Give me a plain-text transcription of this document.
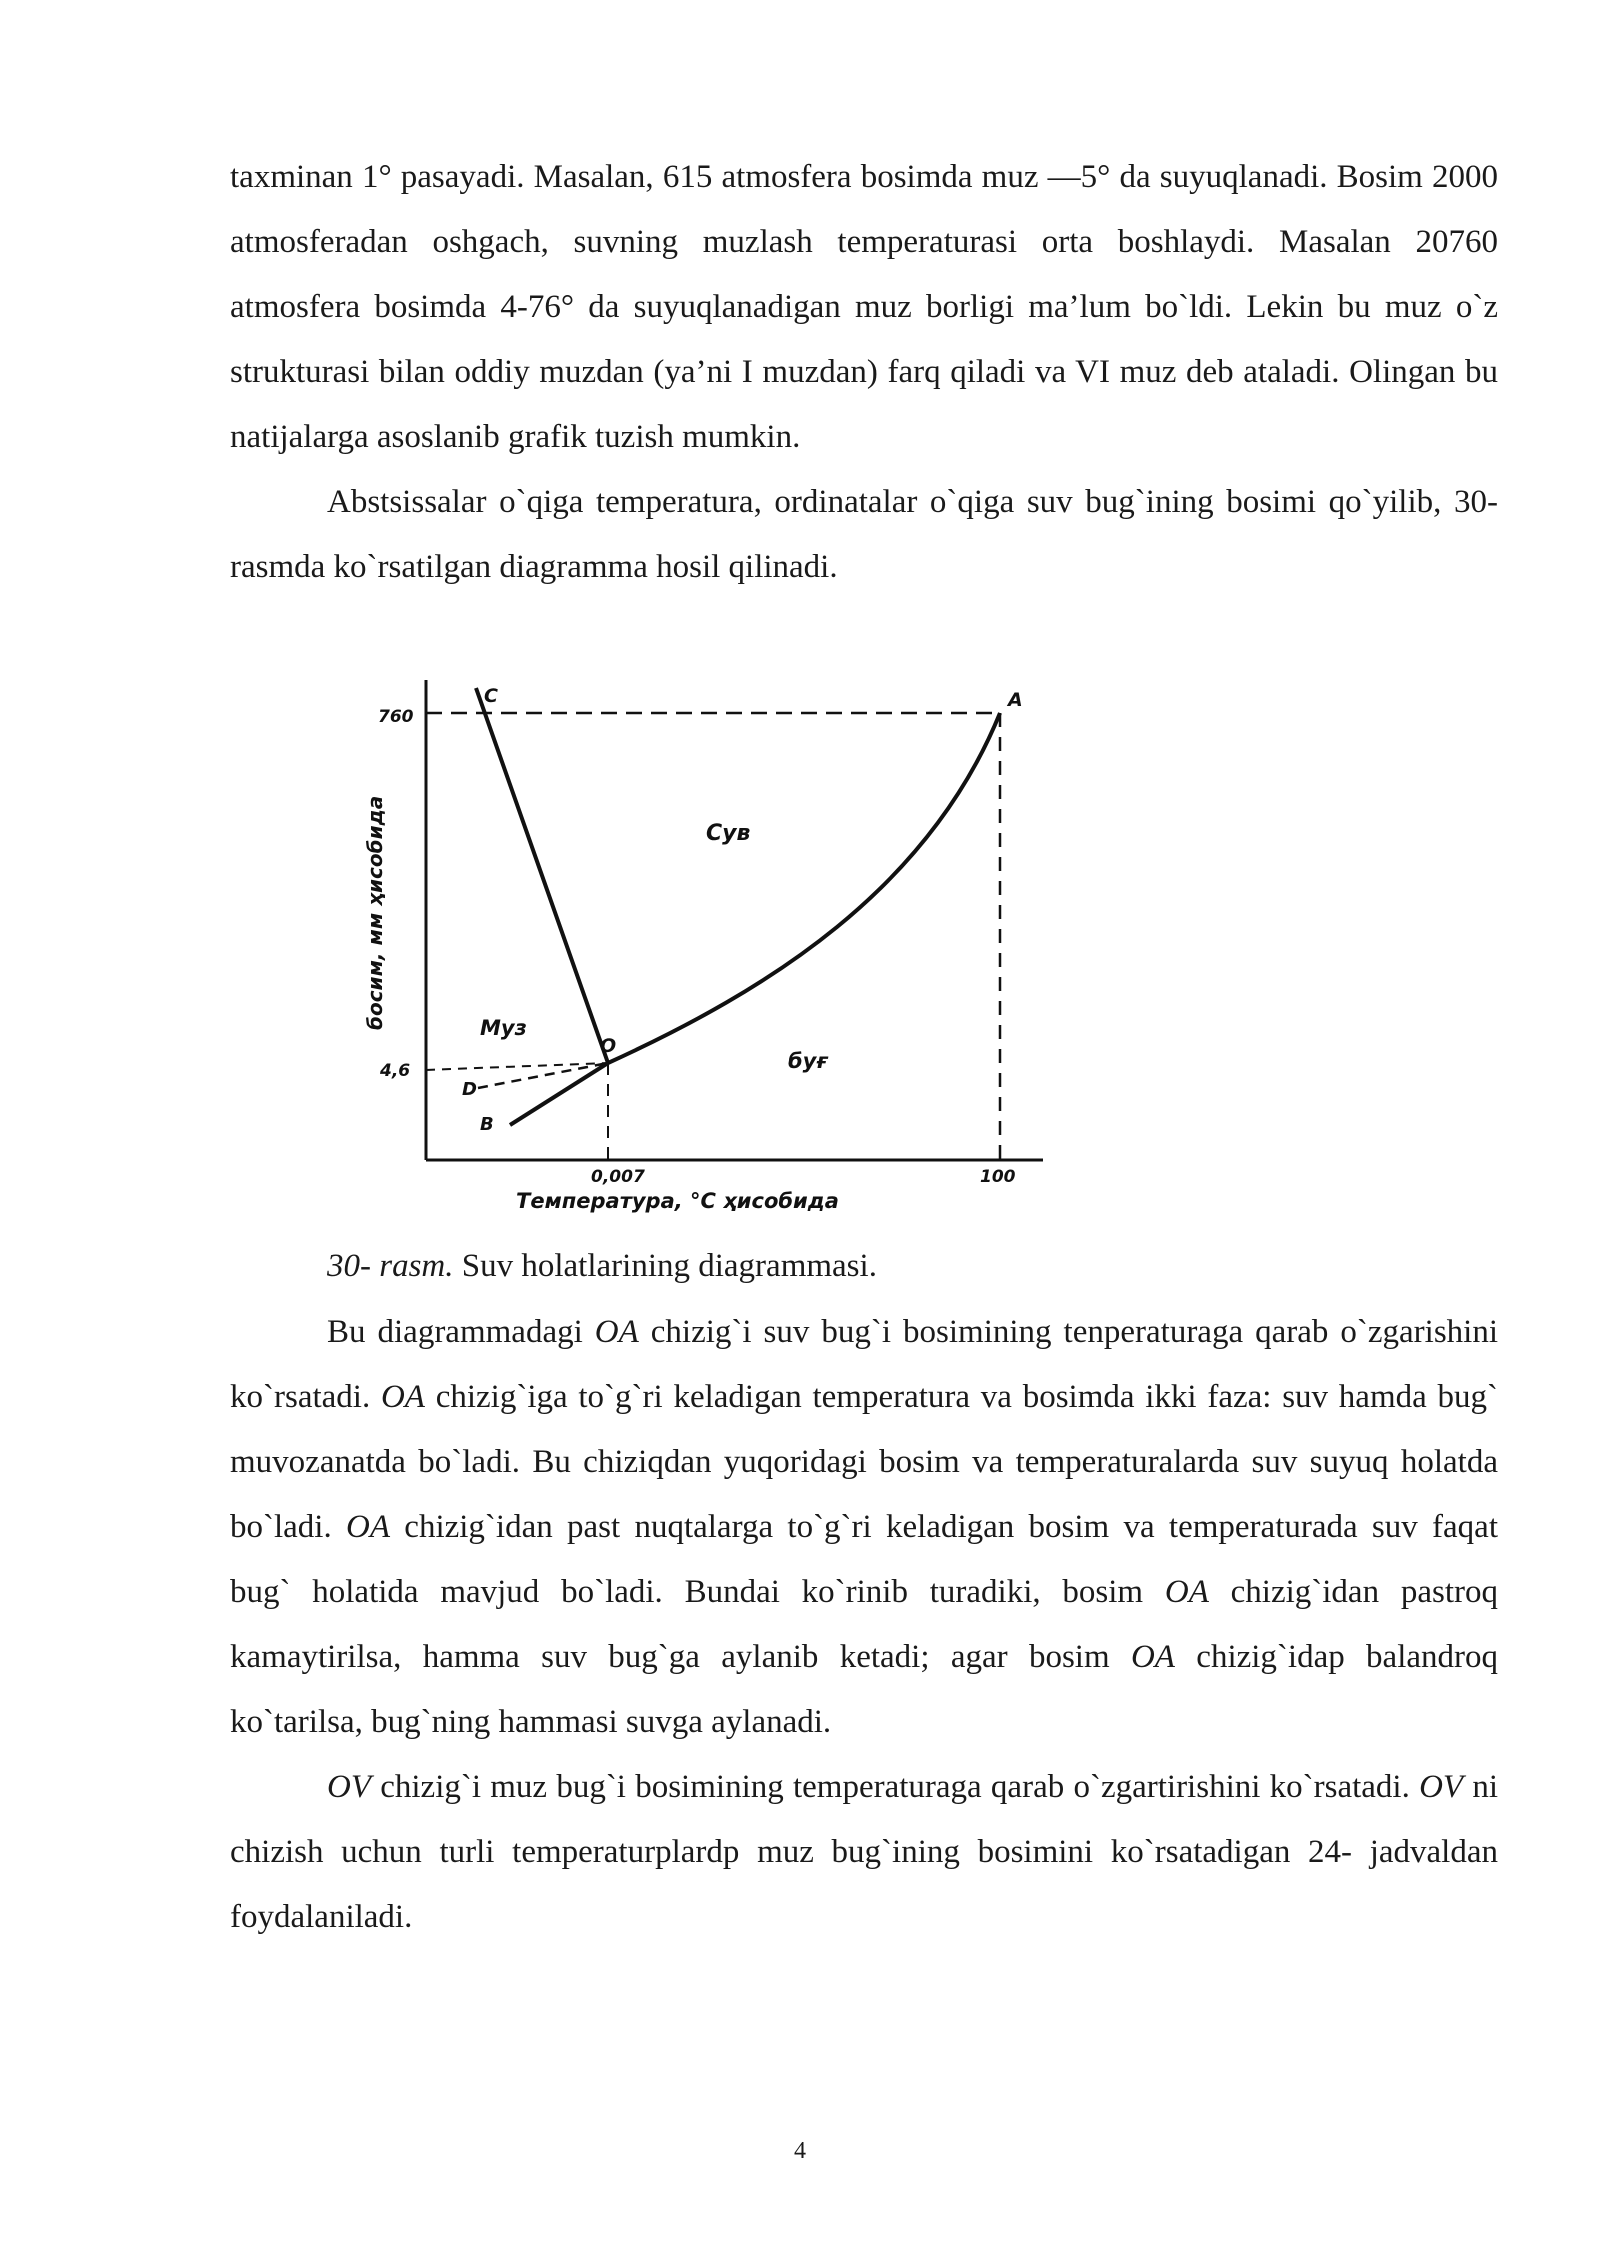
taxminan 1° pasayadi. Masalan, 615 atmosfera bosimda muz —5° da suyuqlanadi. Bosim 2000 atmosferadan oshgach, suvning muzlash temperaturasi orta boshlaydi. Masalan 20760 atmosfera bosimda 4-76° da suyuqlanadigan muz borligi ma’lum bo`ldi. Lekin bu muz o`z strukturasi bilan oddiy muzdan (ya’ni I muzdan) farq qiladi va VI muz deb ataladi. Olingan bu natijalarga asoslanib grafik tuzish mumkin.

Abstsissalar o`qiga temperatura, ordinatalar o`qiga suv bug`ining bosimi qo`yilib, 30- rasmda ko`rsatilgan diagramma hosil qilinadi.

760
4,6
0,007	100
C	A
O
D
B
Сув
Муз
буғ
босим, мм ҳисобида
Температура, °С ҳисобида

30- rasm. Suv holatlarining diagrammasi.

Bu diagrammadagi OA chizig`i suv bug`i bosimining tenperaturaga qarab o`zgarishini ko`rsatadi. OA chizig`iga to`g`ri keladigan temperatura va bosimda ikki faza: suv hamda bug` muvozanatda bo`ladi. Bu chiziqdan yuqoridagi bosim va temperaturalarda suv suyuq holatda bo`ladi. OA chizig`idan past nuqtalarga to`g`ri keladigan bosim va temperaturada suv faqat bug` holatida mavjud bo`ladi. Bundai ko`rinib turadiki, bosim OA chizig`idan pastroq kamaytirilsa, hamma suv bug`ga aylanib ketadi; agar bosim OA chizig`idap balandroq ko`tarilsa, bug`ning hammasi suvga aylanadi.

OV chizig`i muz bug`i bosimining temperaturaga qarab o`zgartirishini ko`rsatadi. OV ni chizish uchun turli temperaturplardp muz bug`ining bosimini ko`rsatadigan 24- jadvaldan foydalaniladi.

4
